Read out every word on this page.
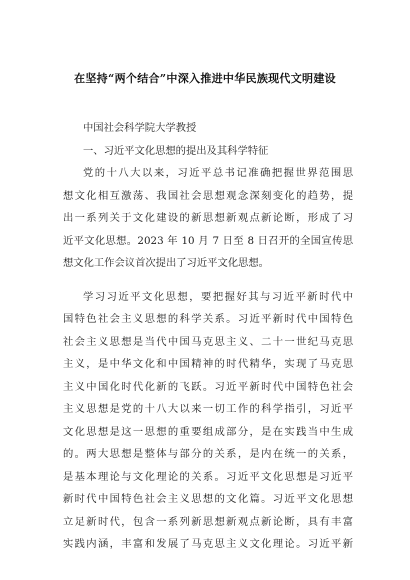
在坚持“两个结合”中深入推进中华民族现代文明建设
中国社会科学院大学教授
一、习近平文化思想的提出及其科学特征
党的十八大以来，习近平总书记准确把握世界范围思
想文化相互激荡、我国社会思想观念深刻变化的趋势，提
出一系列关于文化建设的新思想新观点新论断，形成了习
近平文化思想。2023 年 10 月 7 日至 8 日召开的全国宣传思
想文化工作会议首次提出了习近平文化思想。
学习习近平文化思想，要把握好其与习近平新时代中
国特色社会主义思想的科学关系。习近平新时代中国特色
社会主义思想是当代中国马克思主义、二十一世纪马克思
主义，是中华文化和中国精神的时代精华，实现了马克思
主义中国化时代化新的飞跃。习近平新时代中国特色社会
主义思想是党的十八大以来一切工作的科学指引，习近平
文化思想是这一思想的重要组成部分，是在实践当中生成
的。两大思想是整体与部分的关系，是内在统一的关系，
是基本理论与文化理论的关系。习近平文化思想是习近平
新时代中国特色社会主义思想的文化篇。习近平文化思想
立足新时代，包含一系列新思想新观点新论断，具有丰富
实践内涵，丰富和发展了马克思主义文化理论。习近平新
